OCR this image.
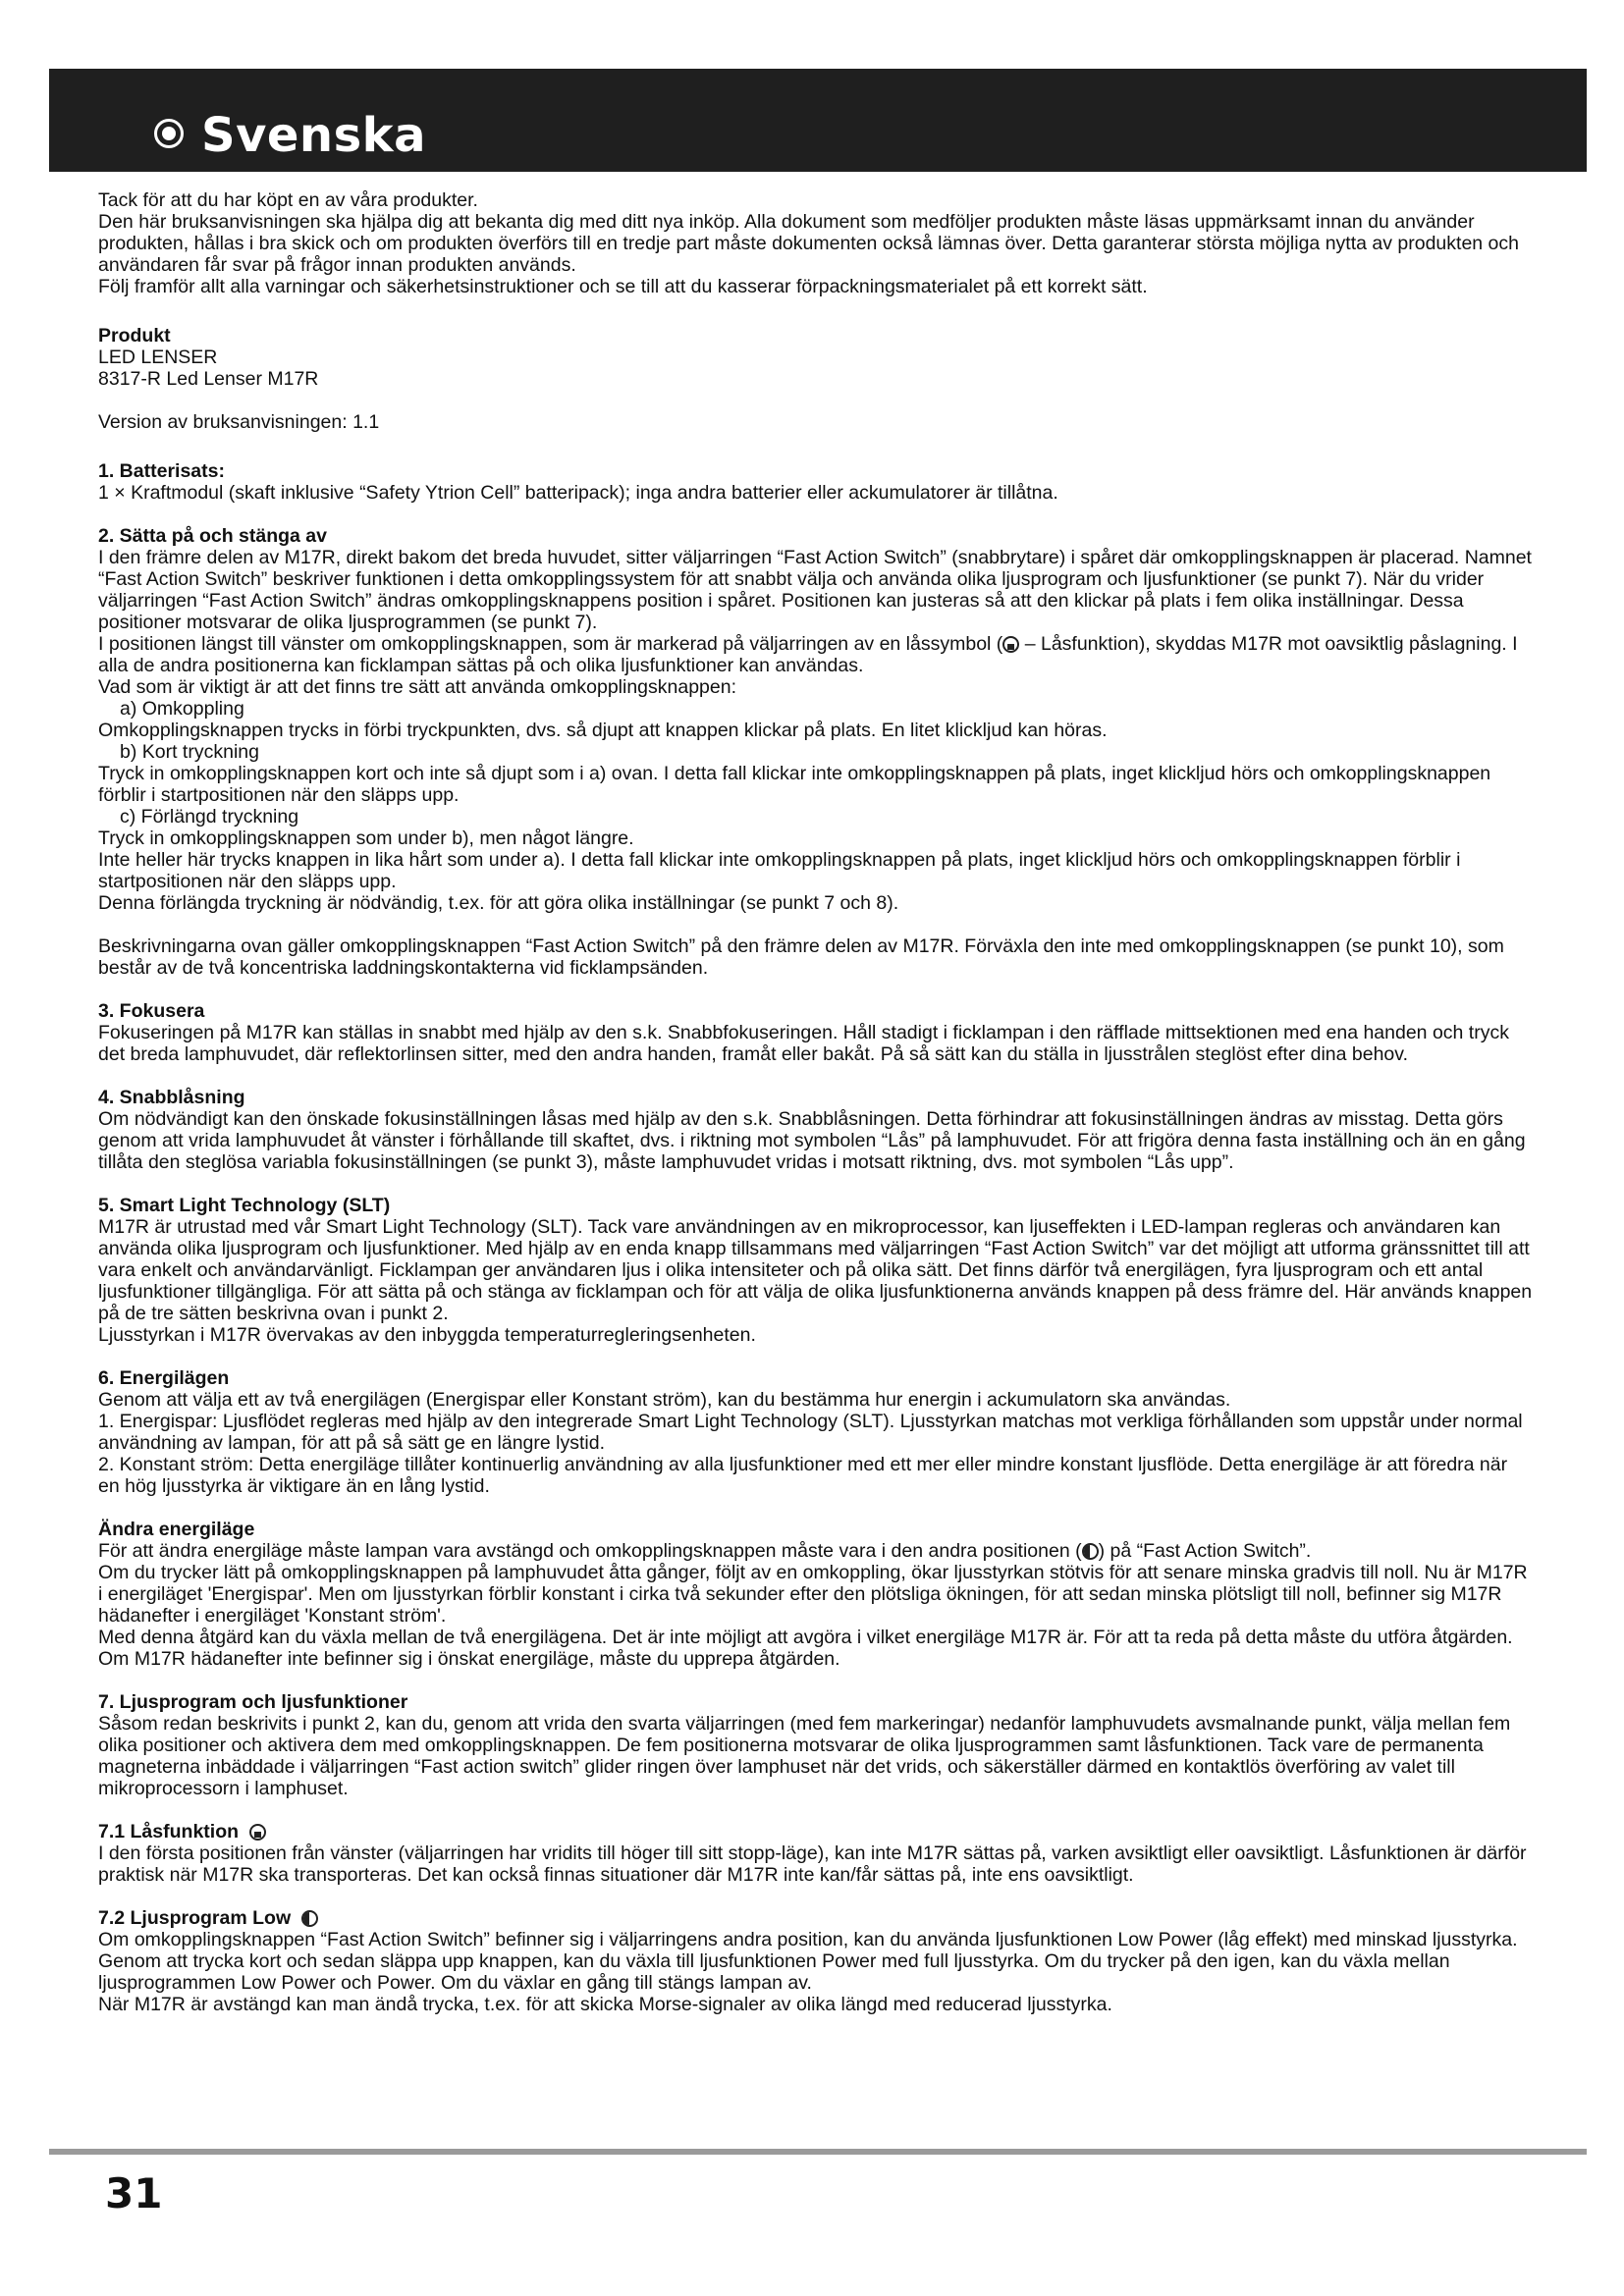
Svenska

Tack för att du har köpt en av våra produkter.

Den här bruksanvisningen ska hjälpa dig att bekanta dig med ditt nya inköp. Alla dokument som medföljer produkten måste läsas uppmärksamt innan du använder produkten, hållas i bra skick och om produkten överförs till en tredje part måste dokumenten också lämnas över. Detta garanterar största möjliga nytta av produkten och användaren får svar på frågor innan produkten används.

Följ framför allt alla varningar och säkerhetsinstruktioner och se till att du kasserar förpackningsmaterialet på ett korrekt sätt.

Produkt

LED LENSER

8317-R Led Lenser M17R

Version av bruksanvisningen: 1.1

1. Batterisats:

1 × Kraftmodul (skaft inklusive “Safety Ytrion Cell” batteripack); inga andra batterier eller ackumulatorer är tillåtna.

2. Sätta på och stänga av

I den främre delen av M17R, direkt bakom det breda huvudet, sitter väljarringen “Fast Action Switch” (snabbrytare) i spåret där omkopplingsknappen är placerad. Namnet “Fast Action Switch” beskriver funktionen i detta omkopplingssystem för att snabbt välja och använda olika ljusprogram och ljusfunktioner (se punkt 7). När du vrider väljarringen “Fast Action Switch” ändras omkopplingsknappens position i spåret. Positionen kan justeras så att den klickar på plats i fem olika inställningar. Dessa positioner motsvarar de olika ljusprogrammen (se punkt 7).

I positionen längst till vänster om omkopplingsknappen, som är markerad på väljarringen av en låssymbol ( – Låsfunktion), skyddas M17R mot oavsiktlig påslagning. I alla de andra positionerna kan ficklampan sättas på och olika ljusfunktioner kan användas.

Vad som är viktigt är att det finns tre sätt att använda omkopplingsknappen:

a) Omkoppling

Omkopplingsknappen trycks in förbi tryckpunkten, dvs. så djupt att knappen klickar på plats. En litet klickljud kan höras.

b) Kort tryckning

Tryck in omkopplingsknappen kort och inte så djupt som i a) ovan. I detta fall klickar inte omkopplingsknappen på plats, inget klickljud hörs och omkopplingsknappen förblir i startpositionen när den släpps upp.

c) Förlängd tryckning

Tryck in omkopplingsknappen som under b), men något längre.

Inte heller här trycks knappen in lika hårt som under a). I detta fall klickar inte omkopplingsknappen på plats, inget klickljud hörs och omkopplingsknappen förblir i startpositionen när den släpps upp.

Denna förlängda tryckning är nödvändig, t.ex. för att göra olika inställningar (se punkt 7 och 8).

Beskrivningarna ovan gäller omkopplingsknappen “Fast Action Switch” på den främre delen av M17R. Förväxla den inte med omkopplingsknappen (se punkt 10), som består av de två koncentriska laddningskontakterna vid ficklampsänden.

3. Fokusera

Fokuseringen på M17R kan ställas in snabbt med hjälp av den s.k. Snabbfokuseringen. Håll stadigt i ficklampan i den räfflade mittsektionen med ena handen och tryck det breda lamphuvudet, där reflektorlinsen sitter, med den andra handen, framåt eller bakåt. På så sätt kan du ställa in ljusstrålen steglöst efter dina behov.

4. Snabblåsning

Om nödvändigt kan den önskade fokusinställningen låsas med hjälp av den s.k. Snabblåsningen. Detta förhindrar att fokusinställningen ändras av misstag. Detta görs genom att vrida lamphuvudet åt vänster i förhållande till skaftet, dvs. i riktning mot symbolen “Lås” på lamphuvudet. För att frigöra denna fasta inställning och än en gång tillåta den steglösa variabla fokusinställningen (se punkt 3), måste lamphuvudet vridas i motsatt riktning, dvs. mot symbolen “Lås upp”.

5. Smart Light Technology (SLT)

M17R är utrustad med vår Smart Light Technology (SLT). Tack vare användningen av en mikroprocessor, kan ljuseffekten i LED-lampan regleras och användaren kan använda olika ljusprogram och ljusfunktioner. Med hjälp av en enda knapp tillsammans med väljarringen “Fast Action Switch” var det möjligt att utforma gränssnittet till att vara enkelt och användarvänligt. Ficklampan ger användaren ljus i olika intensiteter och på olika sätt. Det finns därför två energilägen, fyra ljusprogram och ett antal ljusfunktioner tillgängliga. För att sätta på och stänga av ficklampan och för att välja de olika ljusfunktionerna används knappen på dess främre del. Här används knappen på de tre sätten beskrivna ovan i punkt 2.

Ljusstyrkan i M17R övervakas av den inbyggda temperaturregleringsenheten.

6. Energilägen

Genom att välja ett av två energilägen (Energispar eller Konstant ström), kan du bestämma hur energin i ackumulatorn ska användas.

1. Energispar: Ljusflödet regleras med hjälp av den integrerade Smart Light Technology (SLT). Ljusstyrkan matchas mot verkliga förhållanden som uppstår under normal användning av lampan, för att på så sätt ge en längre lystid.

2. Konstant ström: Detta energiläge tillåter kontinuerlig användning av alla ljusfunktioner med ett mer eller mindre konstant ljusflöde. Detta energiläge är att föredra när en hög ljusstyrka är viktigare än en lång lystid.

Ändra energiläge

För att ändra energiläge måste lampan vara avstängd och omkopplingsknappen måste vara i den andra positionen ( ) på “Fast Action Switch”.

Om du trycker lätt på omkopplingsknappen på lamphuvudet åtta gånger, följt av en omkoppling, ökar ljusstyrkan stötvis för att senare minska gradvis till noll. Nu är M17R i energiläget 'Energispar'. Men om ljusstyrkan förblir konstant i cirka två sekunder efter den plötsliga ökningen, för att sedan minska plötsligt till noll, befinner sig M17R hädanefter i energiläget 'Konstant ström'.

Med denna åtgärd kan du växla mellan de två energilägena. Det är inte möjligt att avgöra i vilket energiläge M17R är. För att ta reda på detta måste du utföra åtgärden. Om M17R hädanefter inte befinner sig i önskat energiläge, måste du upprepa åtgärden.

7. Ljusprogram och ljusfunktioner

Såsom redan beskrivits i punkt 2, kan du, genom att vrida den svarta väljarringen (med fem markeringar) nedanför lamphuvudets avsmalnande punkt, välja mellan fem olika positioner och aktivera dem med omkopplingsknappen. De fem positionerna motsvarar de olika ljusprogrammen samt låsfunktionen. Tack vare de permanenta magneterna inbäddade i väljarringen “Fast action switch” glider ringen över lamphuset när det vrids, och säkerställer därmed en kontaktlös överföring av valet till mikroprocessorn i lamphuset.

7.1 Låsfunktion

I den första positionen från vänster (väljarringen har vridits till höger till sitt stopp-läge), kan inte M17R sättas på, varken avsiktligt eller oavsiktligt. Låsfunktionen är därför praktisk när M17R ska transporteras. Det kan också finnas situationer där M17R inte kan/får sättas på, inte ens oavsiktligt.

7.2 Ljusprogram Low

Om omkopplingsknappen “Fast Action Switch” befinner sig i väljarringens andra position, kan du använda ljusfunktionen Low Power (låg effekt) med minskad ljusstyrka. Genom att trycka kort och sedan släppa upp knappen, kan du växla till ljusfunktionen Power med full ljusstyrka. Om du trycker på den igen, kan du växla mellan ljusprogrammen Low Power och Power. Om du växlar en gång till stängs lampan av.

När M17R är avstängd kan man ändå trycka, t.ex. för att skicka Morse-signaler av olika längd med reducerad ljusstyrka.

31
